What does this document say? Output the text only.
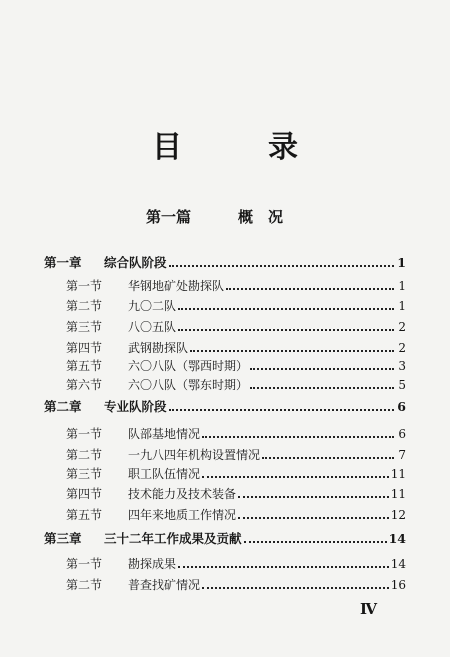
目	录
第一篇	概　况
第一章	综合队阶段	1
第一节	华钢地矿处勘探队	1
第二节	九〇二队	1
第三节	八〇五队	2
第四节	武钢勘探队	2
第五节	六〇八队（鄂西时期）	3
第六节	六〇八队（鄂东时期）	5
第二章	专业队阶段	6
第一节	队部基地情况	6
第二节	一九八四年机构设置情况	7
第三节	职工队伍情况	11
第四节	技术能力及技术装备	11
第五节	四年来地质工作情况	12
第三章	三十二年工作成果及贡献	14
第一节	勘探成果	14
第二节	普查找矿情况	16
Ⅳ
